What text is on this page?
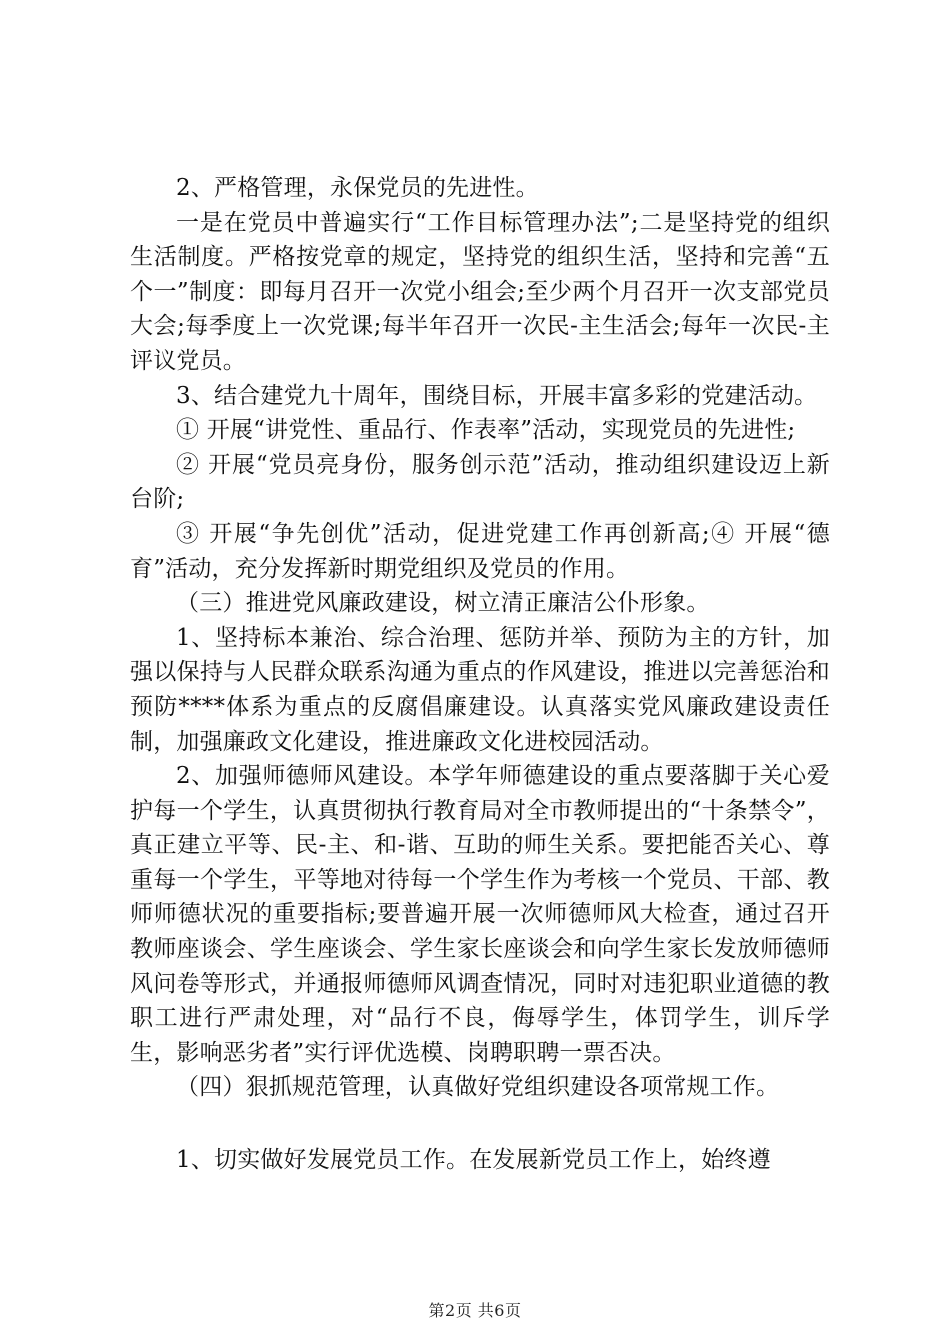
2、严格管理，永保党员的先进性。

一是在党员中普遍实行“工作目标管理办法”;二是坚持党的组织生活制度。严格按党章的规定，坚持党的组织生活，坚持和完善“五个一”制度：即每月召开一次党小组会;至少两个月召开一次支部党员大会;每季度上一次党课;每半年召开一次民-主生活会;每年一次民-主评议党员。

3、结合建党九十周年，围绕目标，开展丰富多彩的党建活动。

① 开展“讲党性、重品行、作表率”活动，实现党员的先进性;

② 开展“党员亮身份，服务创示范”活动，推动组织建设迈上新台阶;

③ 开展“争先创优”活动，促进党建工作再创新高;④ 开展“德育”活动，充分发挥新时期党组织及党员的作用。

（三）推进党风廉政建设，树立清正廉洁公仆形象。

1、坚持标本兼治、综合治理、惩防并举、预防为主的方针，加强以保持与人民群众联系沟通为重点的作风建设，推进以完善惩治和预防****体系为重点的反腐倡廉建设。认真落实党风廉政建设责任制，加强廉政文化建设，推进廉政文化进校园活动。

2、加强师德师风建设。本学年师德建设的重点要落脚于关心爱护每一个学生，认真贯彻执行教育局对全市教师提出的“十条禁令”，真正建立平等、民-主、和-谐、互助的师生关系。要把能否关心、尊重每一个学生，平等地对待每一个学生作为考核一个党员、干部、教师师德状况的重要指标;要普遍开展一次师德师风大检查，通过召开教师座谈会、学生座谈会、学生家长座谈会和向学生家长发放师德师风问卷等形式，并通报师德师风调查情况，同时对违犯职业道德的教职工进行严肃处理，对“品行不良，侮辱学生，体罚学生，训斥学生，影响恶劣者”实行评优选模、岗聘职聘一票否决。

（四）狠抓规范管理，认真做好党组织建设各项常规工作。

1、切实做好发展党员工作。在发展新党员工作上，始终遵

第2页 共6页
